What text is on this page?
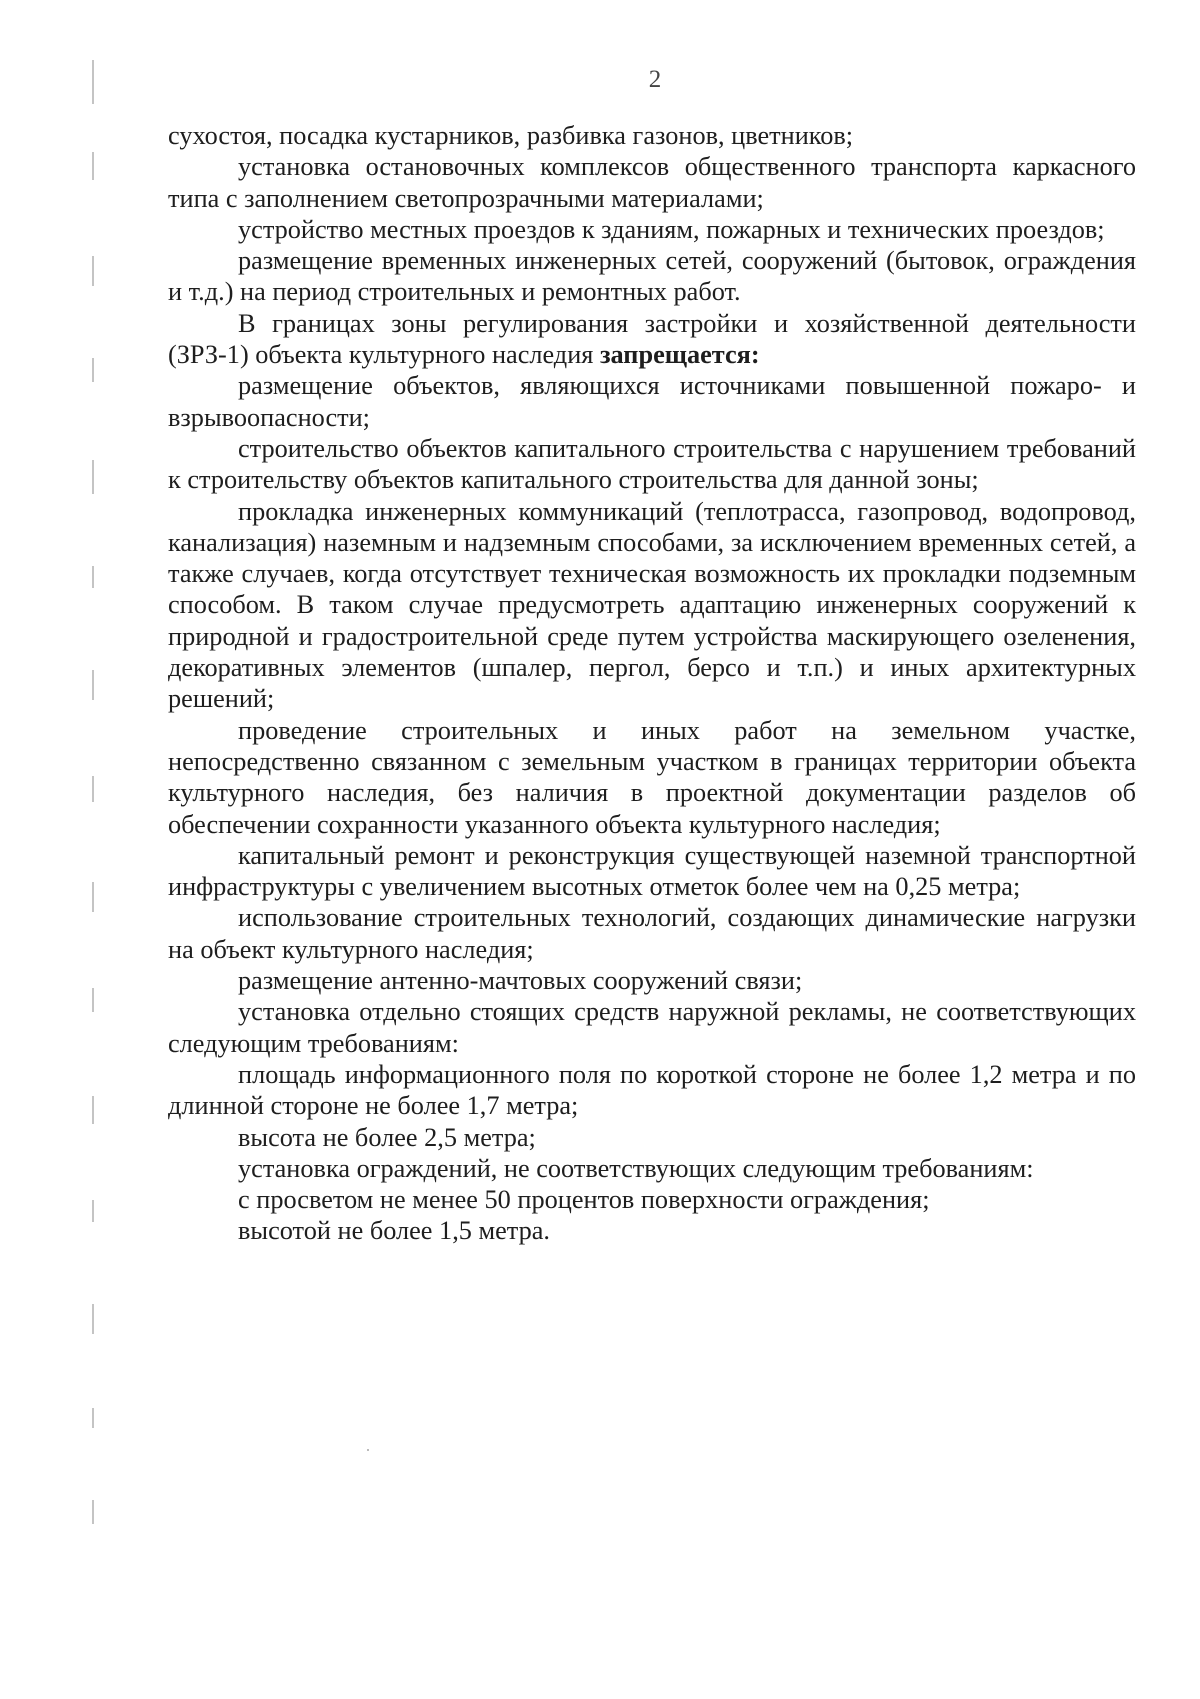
2

сухостоя, посадка кустарников, разбивка газонов, цветников;

установка остановочных комплексов общественного транспорта каркасного типа с заполнением светопрозрачными материалами;

устройство местных проездов к зданиям, пожарных и технических проездов;

размещение временных инженерных сетей, сооружений (бытовок, ограждения и т.д.) на период строительных и ремонтных работ.

В границах зоны регулирования застройки и хозяйственной деятельности (ЗРЗ-1) объекта культурного наследия запрещается:

размещение объектов, являющихся источниками повышенной пожаро- и взрывоопасности;

строительство объектов капитального строительства с нарушением требований к строительству объектов капитального строительства для данной зоны;

прокладка инженерных коммуникаций (теплотрасса, газопровод, водопровод, канализация) наземным и надземным способами, за исключением временных сетей, а также случаев, когда отсутствует техническая возможность их прокладки подземным способом. В таком случае предусмотреть адаптацию инженерных сооружений к природной и градостроительной среде путем устройства маскирующего озеленения, декоративных элементов (шпалер, пергол, берсо и т.п.) и иных архитектурных решений;

проведение строительных и иных работ на земельном участке, непосредственно связанном с земельным участком в границах территории объекта культурного наследия, без наличия в проектной документации разделов об обеспечении сохранности указанного объекта культурного наследия;

капитальный ремонт и реконструкция существующей наземной транспортной инфраструктуры с увеличением высотных отметок более чем на 0,25 метра;

использование строительных технологий, создающих динамические нагрузки на объект культурного наследия;

размещение антенно-мачтовых сооружений связи;

установка отдельно стоящих средств наружной рекламы, не соответствующих следующим требованиям:

площадь информационного поля по короткой стороне не более 1,2 метра и по длинной стороне не более 1,7 метра;

высота не более 2,5 метра;

установка ограждений, не соответствующих следующим требованиям:

с просветом не менее 50 процентов поверхности ограждения;

высотой не более 1,5 метра.
